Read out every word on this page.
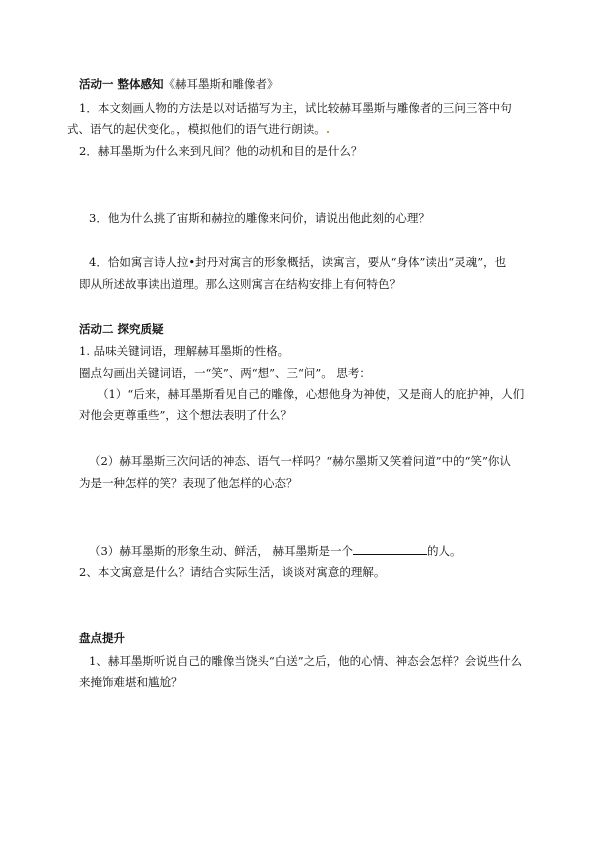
活动一 整体感知《赫耳墨斯和雕像者》
1．本文刻画人物的方法是以对话描写为主，试比较赫耳墨斯与雕像者的三问三答中句
式、语气的起伏变化。，模拟他们的语气进行朗读。
2．赫耳墨斯为什么来到凡间？他的动机和目的是什么？
3．他为什么挑了宙斯和赫拉的雕像来问价，请说出他此刻的心理？
4．恰如寓言诗人拉•封丹对寓言的形象概括，读寓言，要从“身体”读出“灵魂”，也
即从所述故事读出道理。那么这则寓言在结构安排上有何特色？
活动二 探究质疑
1. 品味关键词语，理解赫耳墨斯的性格。
圈点勾画出关键词语，一“笑”、两“想”、三“问”。 思考：
（1）“后来，赫耳墨斯看见自己的雕像，心想他身为神使，又是商人的庇护神，人们
对他会更尊重些”，这个想法表明了什么？
（2）赫耳墨斯三次问话的神态、语气一样吗？“赫尔墨斯又笑着问道”中的“笑”你认
为是一种怎样的笑？表现了他怎样的心态？
（3）赫耳墨斯的形象生动、鲜活， 赫耳墨斯是一个	的人。
2、本文寓意是什么？请结合实际生活，谈谈对寓意的理解。
盘点提升
1、赫耳墨斯听说自己的雕像当饶头“白送”之后，他的心情、神态会怎样？会说些什么
来掩饰难堪和尴尬？
